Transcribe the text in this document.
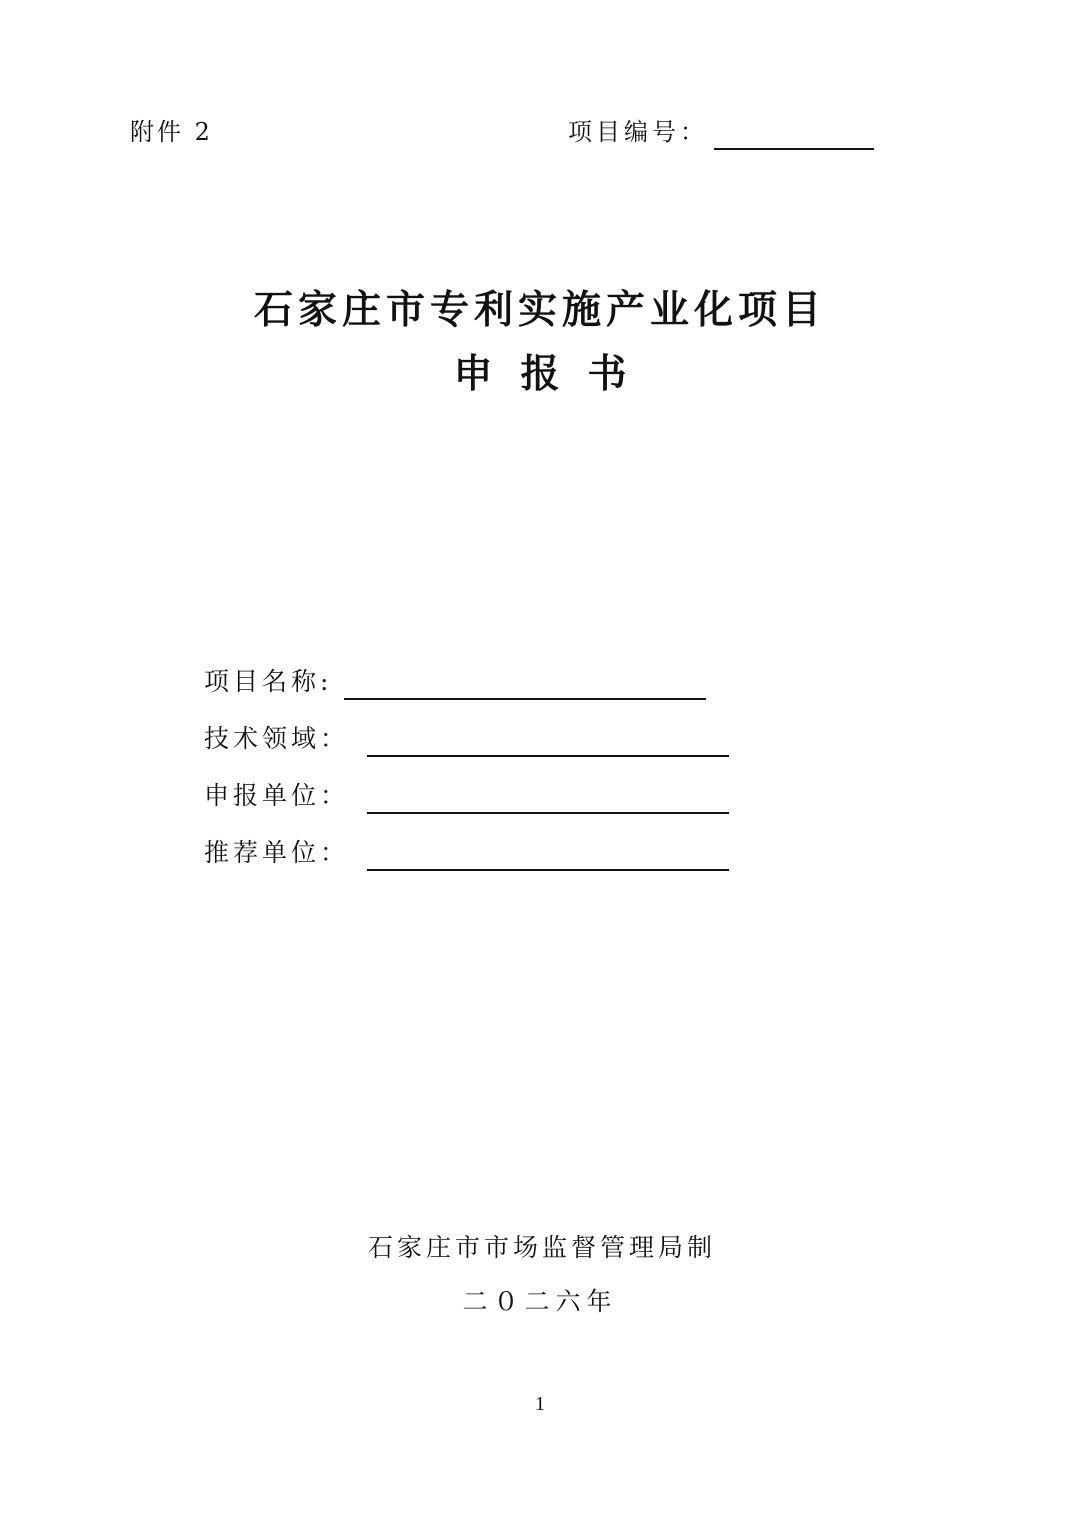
附件 2	项目编号：
石家庄市专利实施产业化项目
申报书
项目名称:
技术领域：
申报单位：
推荐单位：
石家庄市市场监督管理局制
二０二六年
1
